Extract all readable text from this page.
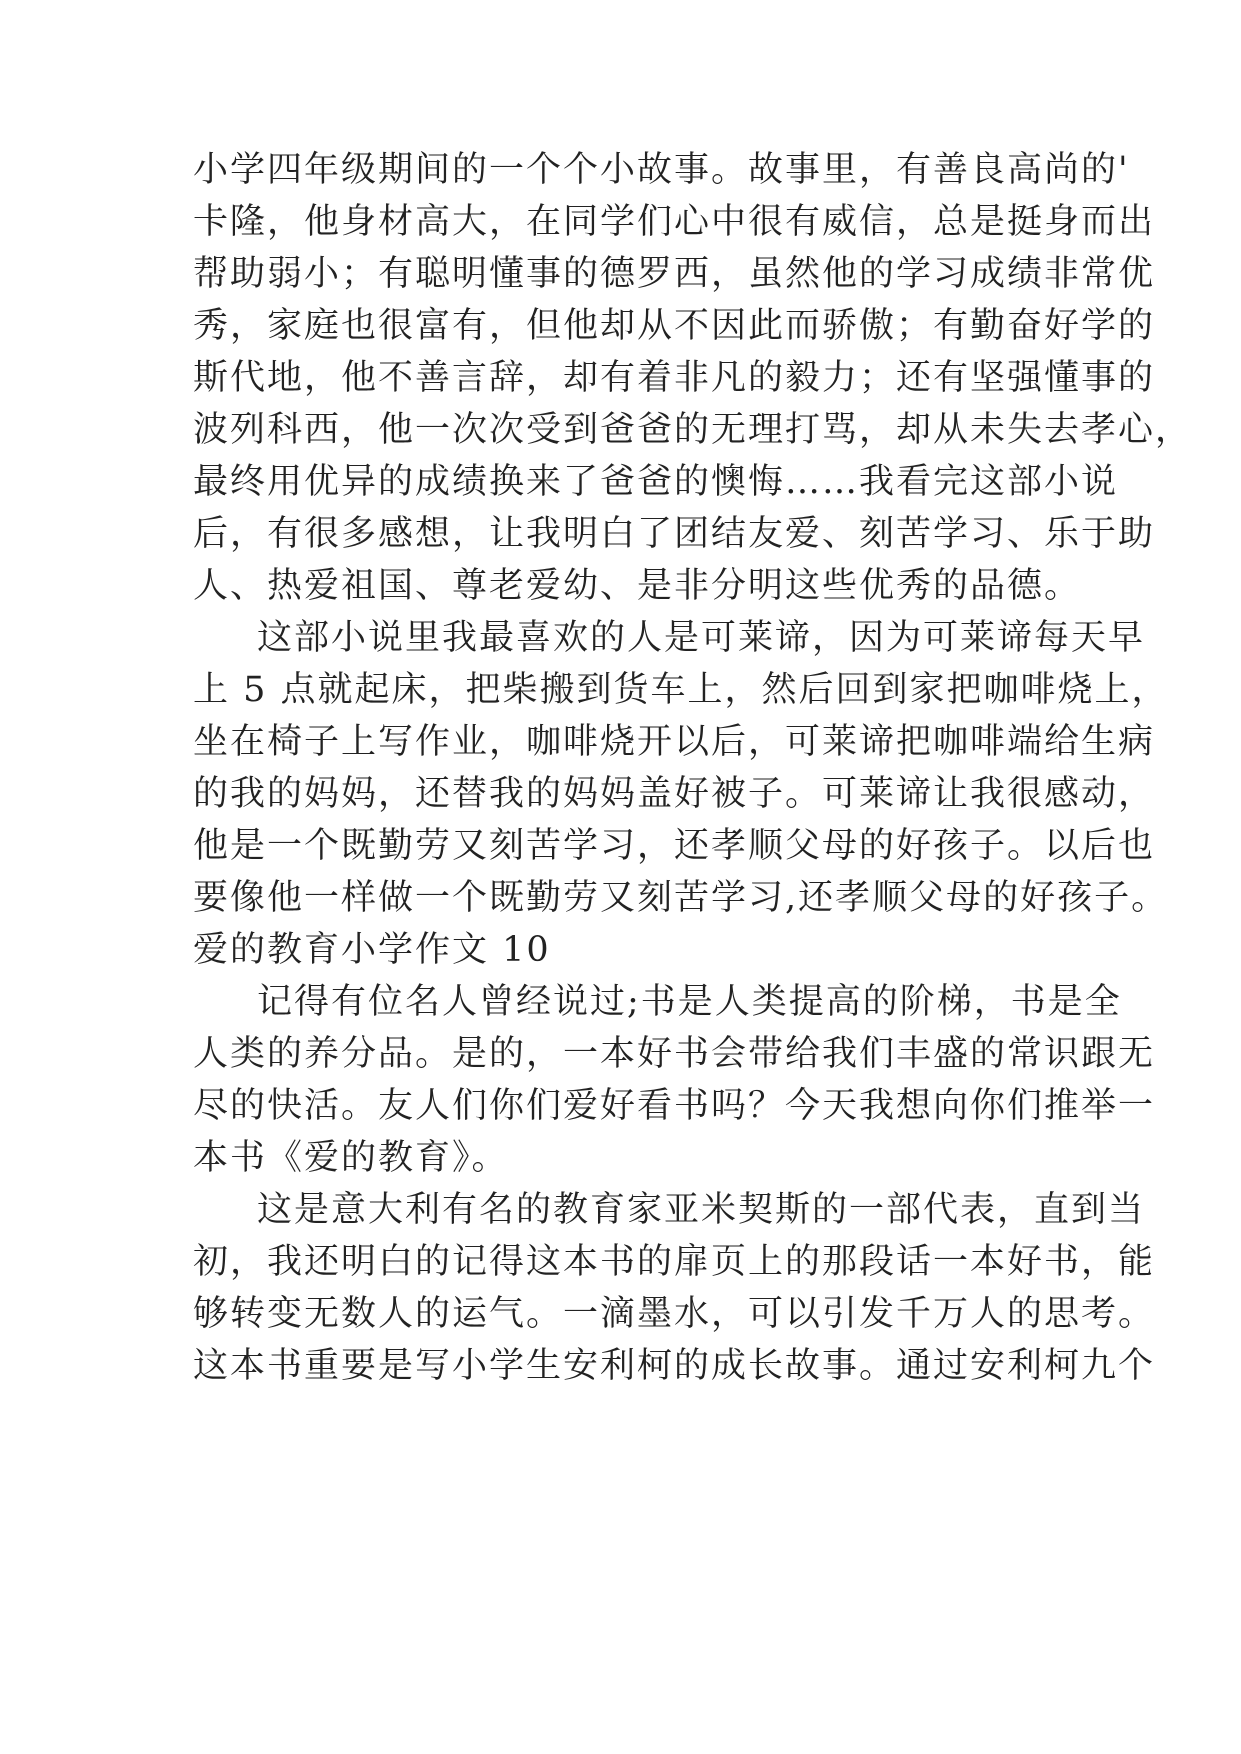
小学四年级期间的一个个小故事。故事里，有善良高尚的'

卡隆，他身材高大，在同学们心中很有威信，总是挺身而出

帮助弱小；有聪明懂事的德罗西，虽然他的学习成绩非常优

秀，家庭也很富有，但他却从不因此而骄傲；有勤奋好学的

斯代地，他不善言辞，却有着非凡的毅力；还有坚强懂事的

波列科西，他一次次受到爸爸的无理打骂，却从未失去孝心，

最终用优异的成绩换来了爸爸的懊悔……我看完这部小说

后，有很多感想，让我明白了团结友爱、刻苦学习、乐于助

人、热爱祖国、尊老爱幼、是非分明这些优秀的品德。

这部小说里我最喜欢的人是可莱谛，因为可莱谛每天早

上 5 点就起床，把柴搬到货车上，然后回到家把咖啡烧上，

坐在椅子上写作业，咖啡烧开以后，可莱谛把咖啡端给生病

的我的妈妈，还替我的妈妈盖好被子。可莱谛让我很感动，

他是一个既勤劳又刻苦学习，还孝顺父母的好孩子。以后也

要像他一样做一个既勤劳又刻苦学习,还孝顺父母的好孩子。

爱的教育小学作文 10

记得有位名人曾经说过;书是人类提高的阶梯，书是全

人类的养分品。是的，一本好书会带给我们丰盛的常识跟无

尽的快活。友人们你们爱好看书吗？今天我想向你们推举一

本书《爱的教育》。

这是意大利有名的教育家亚米契斯的一部代表，直到当

初，我还明白的记得这本书的扉页上的那段话一本好书，能

够转变无数人的运气。一滴墨水，可以引发千万人的思考。

这本书重要是写小学生安利柯的成长故事。通过安利柯九个
